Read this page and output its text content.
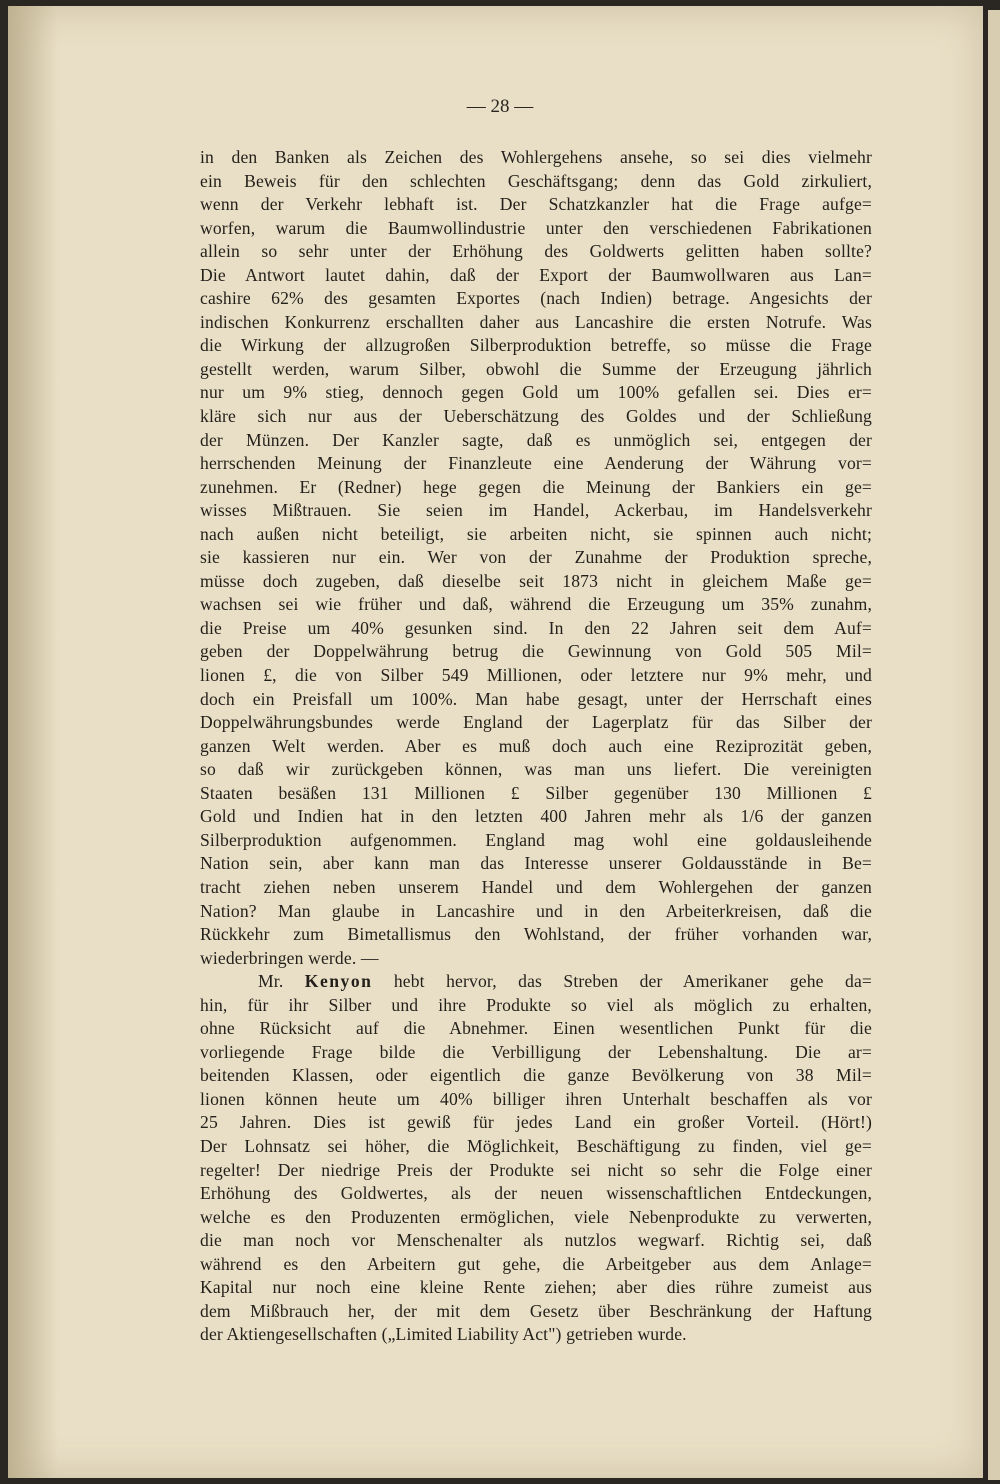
— 28 —
in den Banken als Zeichen des Wohlergehens ansehe, so sei dies vielmehr
ein Beweis für den schlechten Geschäftsgang; denn das Gold zirkuliert,
wenn der Verkehr lebhaft ist. Der Schatzkanzler hat die Frage aufge=
worfen, warum die Baumwollindustrie unter den verschiedenen Fabrikationen
allein so sehr unter der Erhöhung des Goldwerts gelitten haben sollte?
Die Antwort lautet dahin, daß der Export der Baumwollwaren aus Lan=
cashire 62% des gesamten Exportes (nach Indien) betrage. Angesichts der
indischen Konkurrenz erschallten daher aus Lancashire die ersten Notrufe. Was
die Wirkung der allzugroßen Silberproduktion betreffe, so müsse die Frage
gestellt werden, warum Silber, obwohl die Summe der Erzeugung jährlich
nur um 9% stieg, dennoch gegen Gold um 100% gefallen sei. Dies er=
kläre sich nur aus der Ueberschätzung des Goldes und der Schließung
der Münzen. Der Kanzler sagte, daß es unmöglich sei, entgegen der
herrschenden Meinung der Finanzleute eine Aenderung der Währung vor=
zunehmen. Er (Redner) hege gegen die Meinung der Bankiers ein ge=
wisses Mißtrauen. Sie seien im Handel, Ackerbau, im Handelsverkehr
nach außen nicht beteiligt, sie arbeiten nicht, sie spinnen auch nicht;
sie kassieren nur ein. Wer von der Zunahme der Produktion spreche,
müsse doch zugeben, daß dieselbe seit 1873 nicht in gleichem Maße ge=
wachsen sei wie früher und daß, während die Erzeugung um 35% zunahm,
die Preise um 40% gesunken sind. In den 22 Jahren seit dem Auf=
geben der Doppelwährung betrug die Gewinnung von Gold 505 Mil=
lionen £, die von Silber 549 Millionen, oder letztere nur 9% mehr, und
doch ein Preisfall um 100%. Man habe gesagt, unter der Herrschaft eines
Doppelwährungsbundes werde England der Lagerplatz für das Silber der
ganzen Welt werden. Aber es muß doch auch eine Reziprozität geben,
so daß wir zurückgeben können, was man uns liefert. Die vereinigten
Staaten besäßen 131 Millionen £ Silber gegenüber 130 Millionen £
Gold und Indien hat in den letzten 400 Jahren mehr als 1/6 der ganzen
Silberproduktion aufgenommen. England mag wohl eine goldausleihende
Nation sein, aber kann man das Interesse unserer Goldausstände in Be=
tracht ziehen neben unserem Handel und dem Wohlergehen der ganzen
Nation? Man glaube in Lancashire und in den Arbeiterkreisen, daß die
Rückkehr zum Bimetallismus den Wohlstand, der früher vorhanden war,
wiederbringen werde. —
Mr. Kenyon hebt hervor, das Streben der Amerikaner gehe da=
hin, für ihr Silber und ihre Produkte so viel als möglich zu erhalten,
ohne Rücksicht auf die Abnehmer. Einen wesentlichen Punkt für die
vorliegende Frage bilde die Verbilligung der Lebenshaltung. Die ar=
beitenden Klassen, oder eigentlich die ganze Bevölkerung von 38 Mil=
lionen können heute um 40% billiger ihren Unterhalt beschaffen als vor
25 Jahren. Dies ist gewiß für jedes Land ein großer Vorteil. (Hört!)
Der Lohnsatz sei höher, die Möglichkeit, Beschäftigung zu finden, viel ge=
regelter! Der niedrige Preis der Produkte sei nicht so sehr die Folge einer
Erhöhung des Goldwertes, als der neuen wissenschaftlichen Entdeckungen,
welche es den Produzenten ermöglichen, viele Nebenprodukte zu verwerten,
die man noch vor Menschenalter als nutzlos wegwarf. Richtig sei, daß
während es den Arbeitern gut gehe, die Arbeitgeber aus dem Anlage=
Kapital nur noch eine kleine Rente ziehen; aber dies rühre zumeist aus
dem Mißbrauch her, der mit dem Gesetz über Beschränkung der Haftung
der Aktiengesellschaften („Limited Liability Act") getrieben wurde.
